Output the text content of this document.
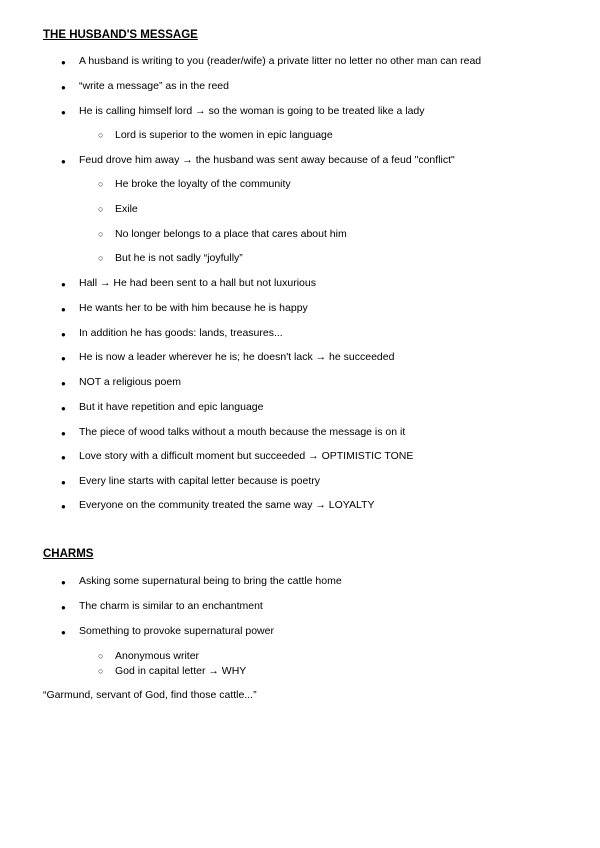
THE HUSBAND'S MESSAGE
● A husband is writing to you (reader/wife) a private litter no letter no other man can read
● “write a message” as in the reed
● He is calling himself lord → so the woman is going to be treated like a lady
○ Lord is superior to the women in epic language
● Feud drove him away → the husband was sent away because of a feud "conflict"
○ He broke the loyalty of the community
○ Exile
○ No longer belongs to a place that cares about him
○ But he is not sadly “joyfully”
● Hall → He had been sent to a hall but not luxurious
● He wants her to be with him because he is happy
● In addition he has goods: lands, treasures...
● He is now a leader wherever he is; he doesn't lack → he succeeded
● NOT a religious poem
● But it have repetition and epic language
● The piece of wood talks without a mouth because the message is on it
● Love story with a difficult moment but succeeded → OPTIMISTIC TONE
● Every line starts with capital letter because is poetry
● Everyone on the community treated the same way → LOYALTY
CHARMS
● Asking some supernatural being to bring the cattle home
● The charm is similar to an enchantment
● Something to provoke supernatural power
○ Anonymous writer
○ God in capital letter → WHY
“Garmund, servant of God, find those cattle...”
